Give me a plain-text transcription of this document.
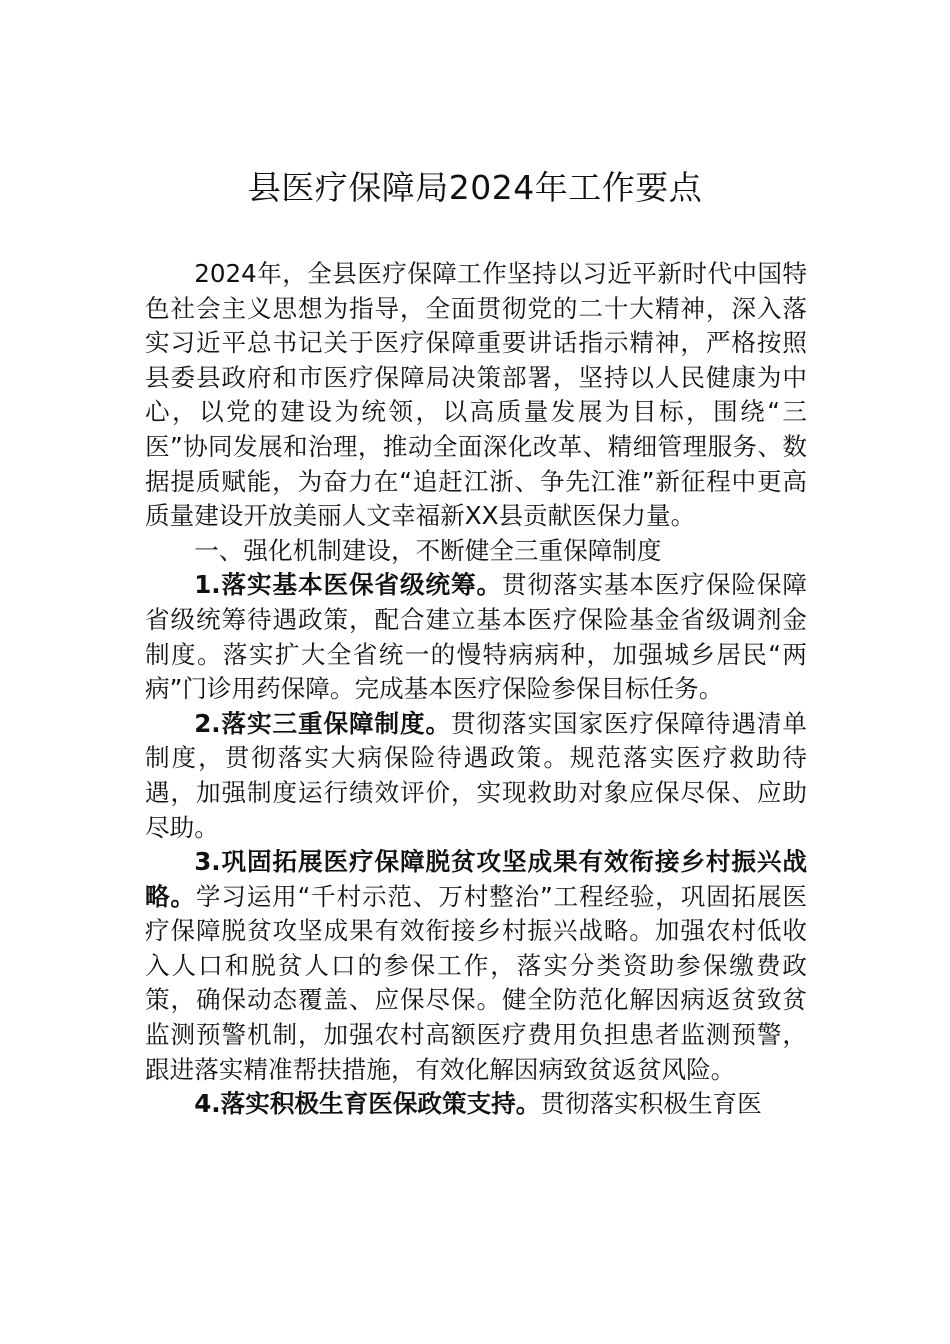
县医疗保障局2024年工作要点

2024年，全县医疗保障工作坚持以习近平新时代中国特色社会主义思想为指导，全面贯彻党的二十大精神，深入落实习近平总书记关于医疗保障重要讲话指示精神，严格按照县委县政府和市医疗保障局决策部署，坚持以人民健康为中心，以党的建设为统领，以高质量发展为目标，围绕“三医”协同发展和治理，推动全面深化改革、精细管理服务、数据提质赋能，为奋力在“追赶江浙、争先江淮”新征程中更高质量建设开放美丽人文幸福新XX县贡献医保力量。

一、强化机制建设，不断健全三重保障制度

1.落实基本医保省级统筹。贯彻落实基本医疗保险保障省级统筹待遇政策，配合建立基本医疗保险基金省级调剂金制度。落实扩大全省统一的慢特病病种，加强城乡居民“两病”门诊用药保障。完成基本医疗保险参保目标任务。

2.落实三重保障制度。贯彻落实国家医疗保障待遇清单制度，贯彻落实大病保险待遇政策。规范落实医疗救助待遇，加强制度运行绩效评价，实现救助对象应保尽保、应助尽助。

3.巩固拓展医疗保障脱贫攻坚成果有效衔接乡村振兴战略。学习运用“千村示范、万村整治”工程经验，巩固拓展医疗保障脱贫攻坚成果有效衔接乡村振兴战略。加强农村低收入人口和脱贫人口的参保工作，落实分类资助参保缴费政策，确保动态覆盖、应保尽保。健全防范化解因病返贫致贫监测预警机制，加强农村高额医疗费用负担患者监测预警，跟进落实精准帮扶措施，有效化解因病致贫返贫风险。

4.落实积极生育医保政策支持。贯彻落实积极生育医
